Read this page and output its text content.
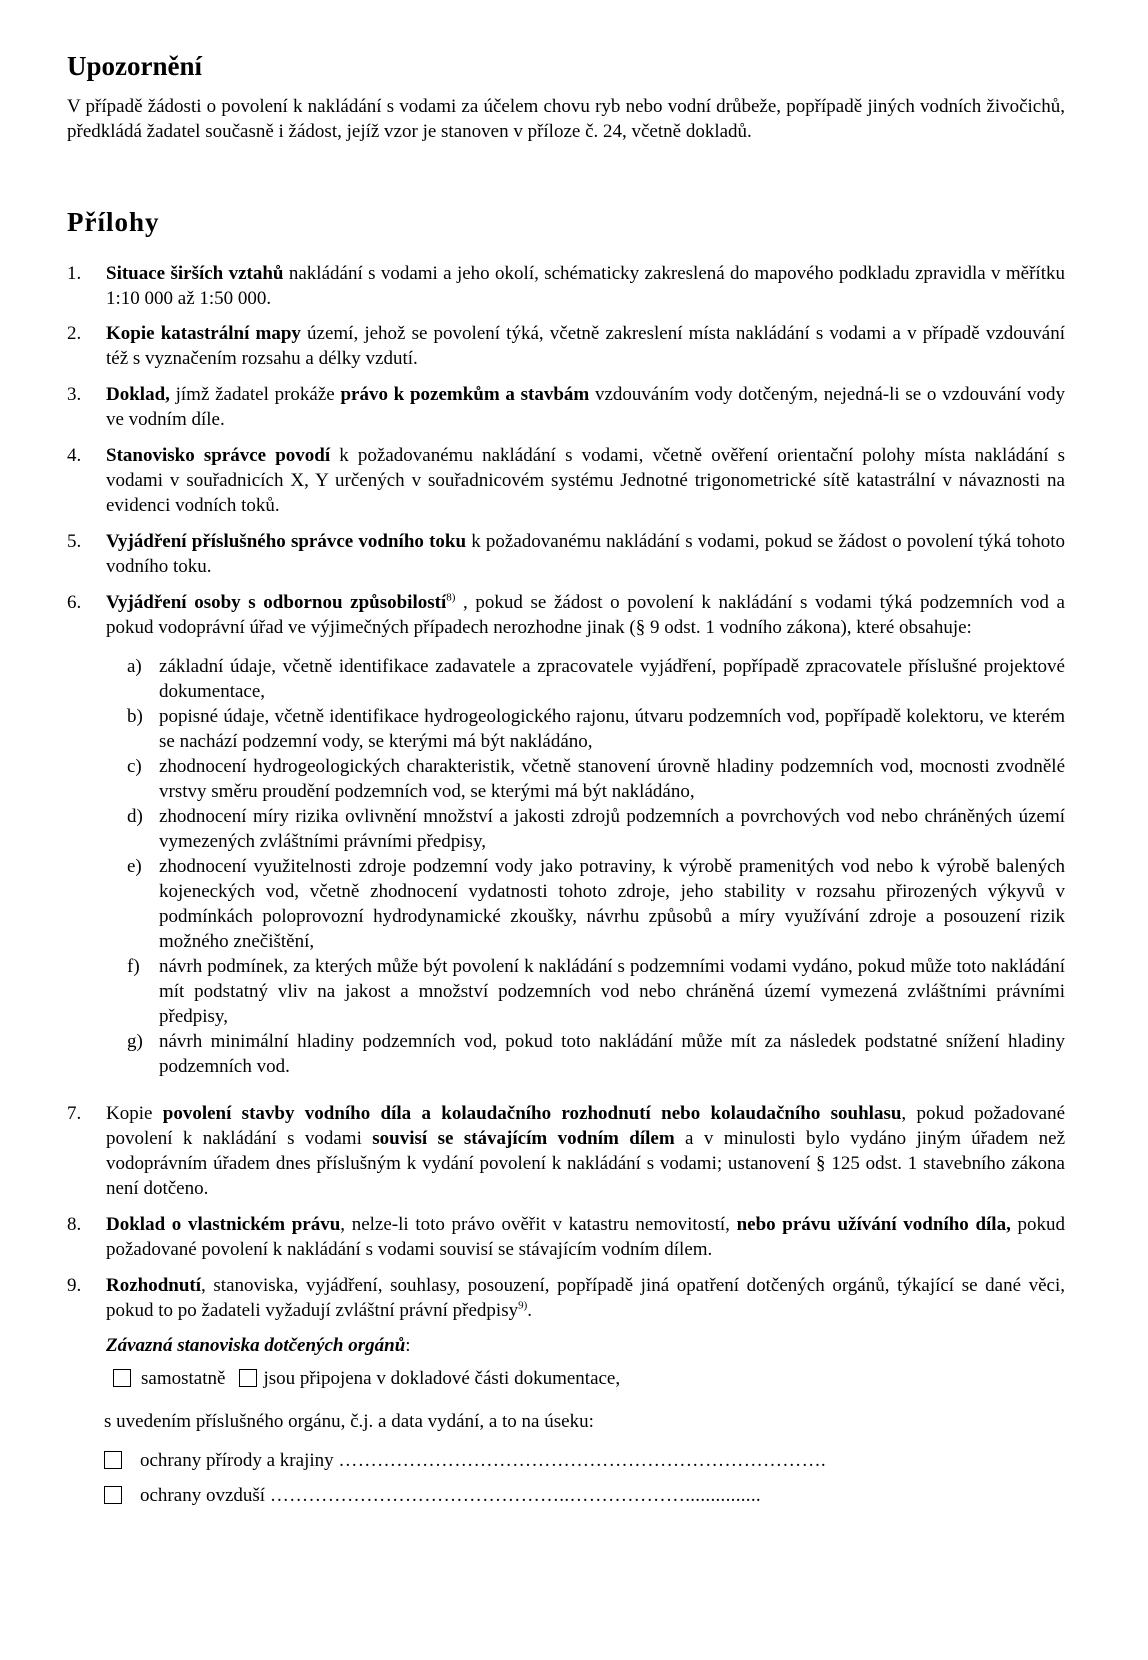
Upozornění

V případě žádosti o povolení k nakládání s vodami za účelem chovu ryb nebo vodní drůbeže, popřípadě jiných vodních živočichů, předkládá žadatel současně i žádost, jejíž vzor je stanoven v příloze č. 24, včetně dokladů.

Přílohy
1. Situace širších vztahů nakládání s vodami a jeho okolí, schématicky zakreslená do mapového podkladu zpravidla v měřítku 1:10 000 až 1:50 000.
2. Kopie katastrální mapy území, jehož se povolení týká, včetně zakreslení místa nakládání s vodami a v případě vzdouvání též s vyznačením rozsahu a délky vzdutí.
3. Doklad, jímž žadatel prokáže právo k pozemkům a stavbám vzdouváním vody dotčeným, nejedná-li se o vzdouvání vody ve vodním díle.
4. Stanovisko správce povodí k požadovanému nakládání s vodami, včetně ověření orientační polohy místa nakládání s vodami v souřadnicích X, Y určených v souřadnicovém systému Jednotné trigonometrické sítě katastrální v návaznosti na evidenci vodních toků.
5. Vyjádření příslušného správce vodního toku k požadovanému nakládání s vodami, pokud se žádost o povolení týká tohoto vodního toku.
6. Vyjádření osoby s odbornou způsobilostí$^{8)}$ , pokud se žádost o povolení k nakládání s vodami týká podzemních vod a pokud vodoprávní úřad ve výjimečných případech nerozhodne jinak (§ 9 odst. 1 vodního zákona), které obsahuje:
a) základní údaje, včetně identifikace zadavatele a zpracovatele vyjádření, popřípadě zpracovatele příslušné projektové dokumentace,
b) popisné údaje, včetně identifikace hydrogeologického rajonu, útvaru podzemních vod, popřípadě kolektoru, ve kterém se nachází podzemní vody, se kterými má být nakládáno,
c) zhodnocení hydrogeologických charakteristik, včetně stanovení úrovně hladiny podzemních vod, mocnosti zvodnělé vrstvy směru proudění podzemních vod, se kterými má být nakládáno,
d) zhodnocení míry rizika ovlivnění množství a jakosti zdrojů podzemních a povrchových vod nebo chráněných území vymezených zvláštními právními předpisy,
e) zhodnocení využitelnosti zdroje podzemní vody jako potraviny, k výrobě pramenitých vod nebo k výrobě balených kojeneckých vod, včetně zhodnocení vydatnosti tohoto zdroje, jeho stability v rozsahu přirozených výkyvů v podmínkách poloprovozní hydrodynamické zkoušky, návrhu způsobů a míry využívání zdroje a posouzení rizik možného znečištění,
f) návrh podmínek, za kterých může být povolení k nakládání s podzemními vodami vydáno, pokud může toto nakládání mít podstatný vliv na jakost a množství podzemních vod nebo chráněná území vymezená zvláštními právními předpisy,
g) návrh minimální hladiny podzemních vod, pokud toto nakládání může mít za následek podstatné snížení hladiny podzemních vod.
7. Kopie povolení stavby vodního díla a kolaudačního rozhodnutí nebo kolaudačního souhlasu, pokud požadované povolení k nakládání s vodami souvisí se stávajícím vodním dílem a v minulosti bylo vydáno jiným úřadem než vodoprávním úřadem dnes příslušným k vydání povolení k nakládání s vodami; ustanovení § 125 odst. 1 stavebního zákona není dotčeno.
8. Doklad o vlastnickém právu, nelze-li toto právo ověřit v katastru nemovitostí, nebo právu užívání vodního díla, pokud požadované povolení k nakládání s vodami souvisí se stávajícím vodním dílem.
9. Rozhodnutí, stanoviska, vyjádření, souhlasy, posouzení, popřípadě jiná opatření dotčených orgánů, týkající se dané věci, pokud to po žadateli vyžadují zvláštní právní předpisy$^{9)}$.
Závazná stanoviska dotčených orgánů:
samostatně jsou připojena v dokladové části dokumentace,
s uvedením příslušného orgánu, č.j. a data vydání, a to na úseku:
ochrany přírody a krajiny ………………………………………………………………….
ochrany ovzduší ………………………………………..………………...............
